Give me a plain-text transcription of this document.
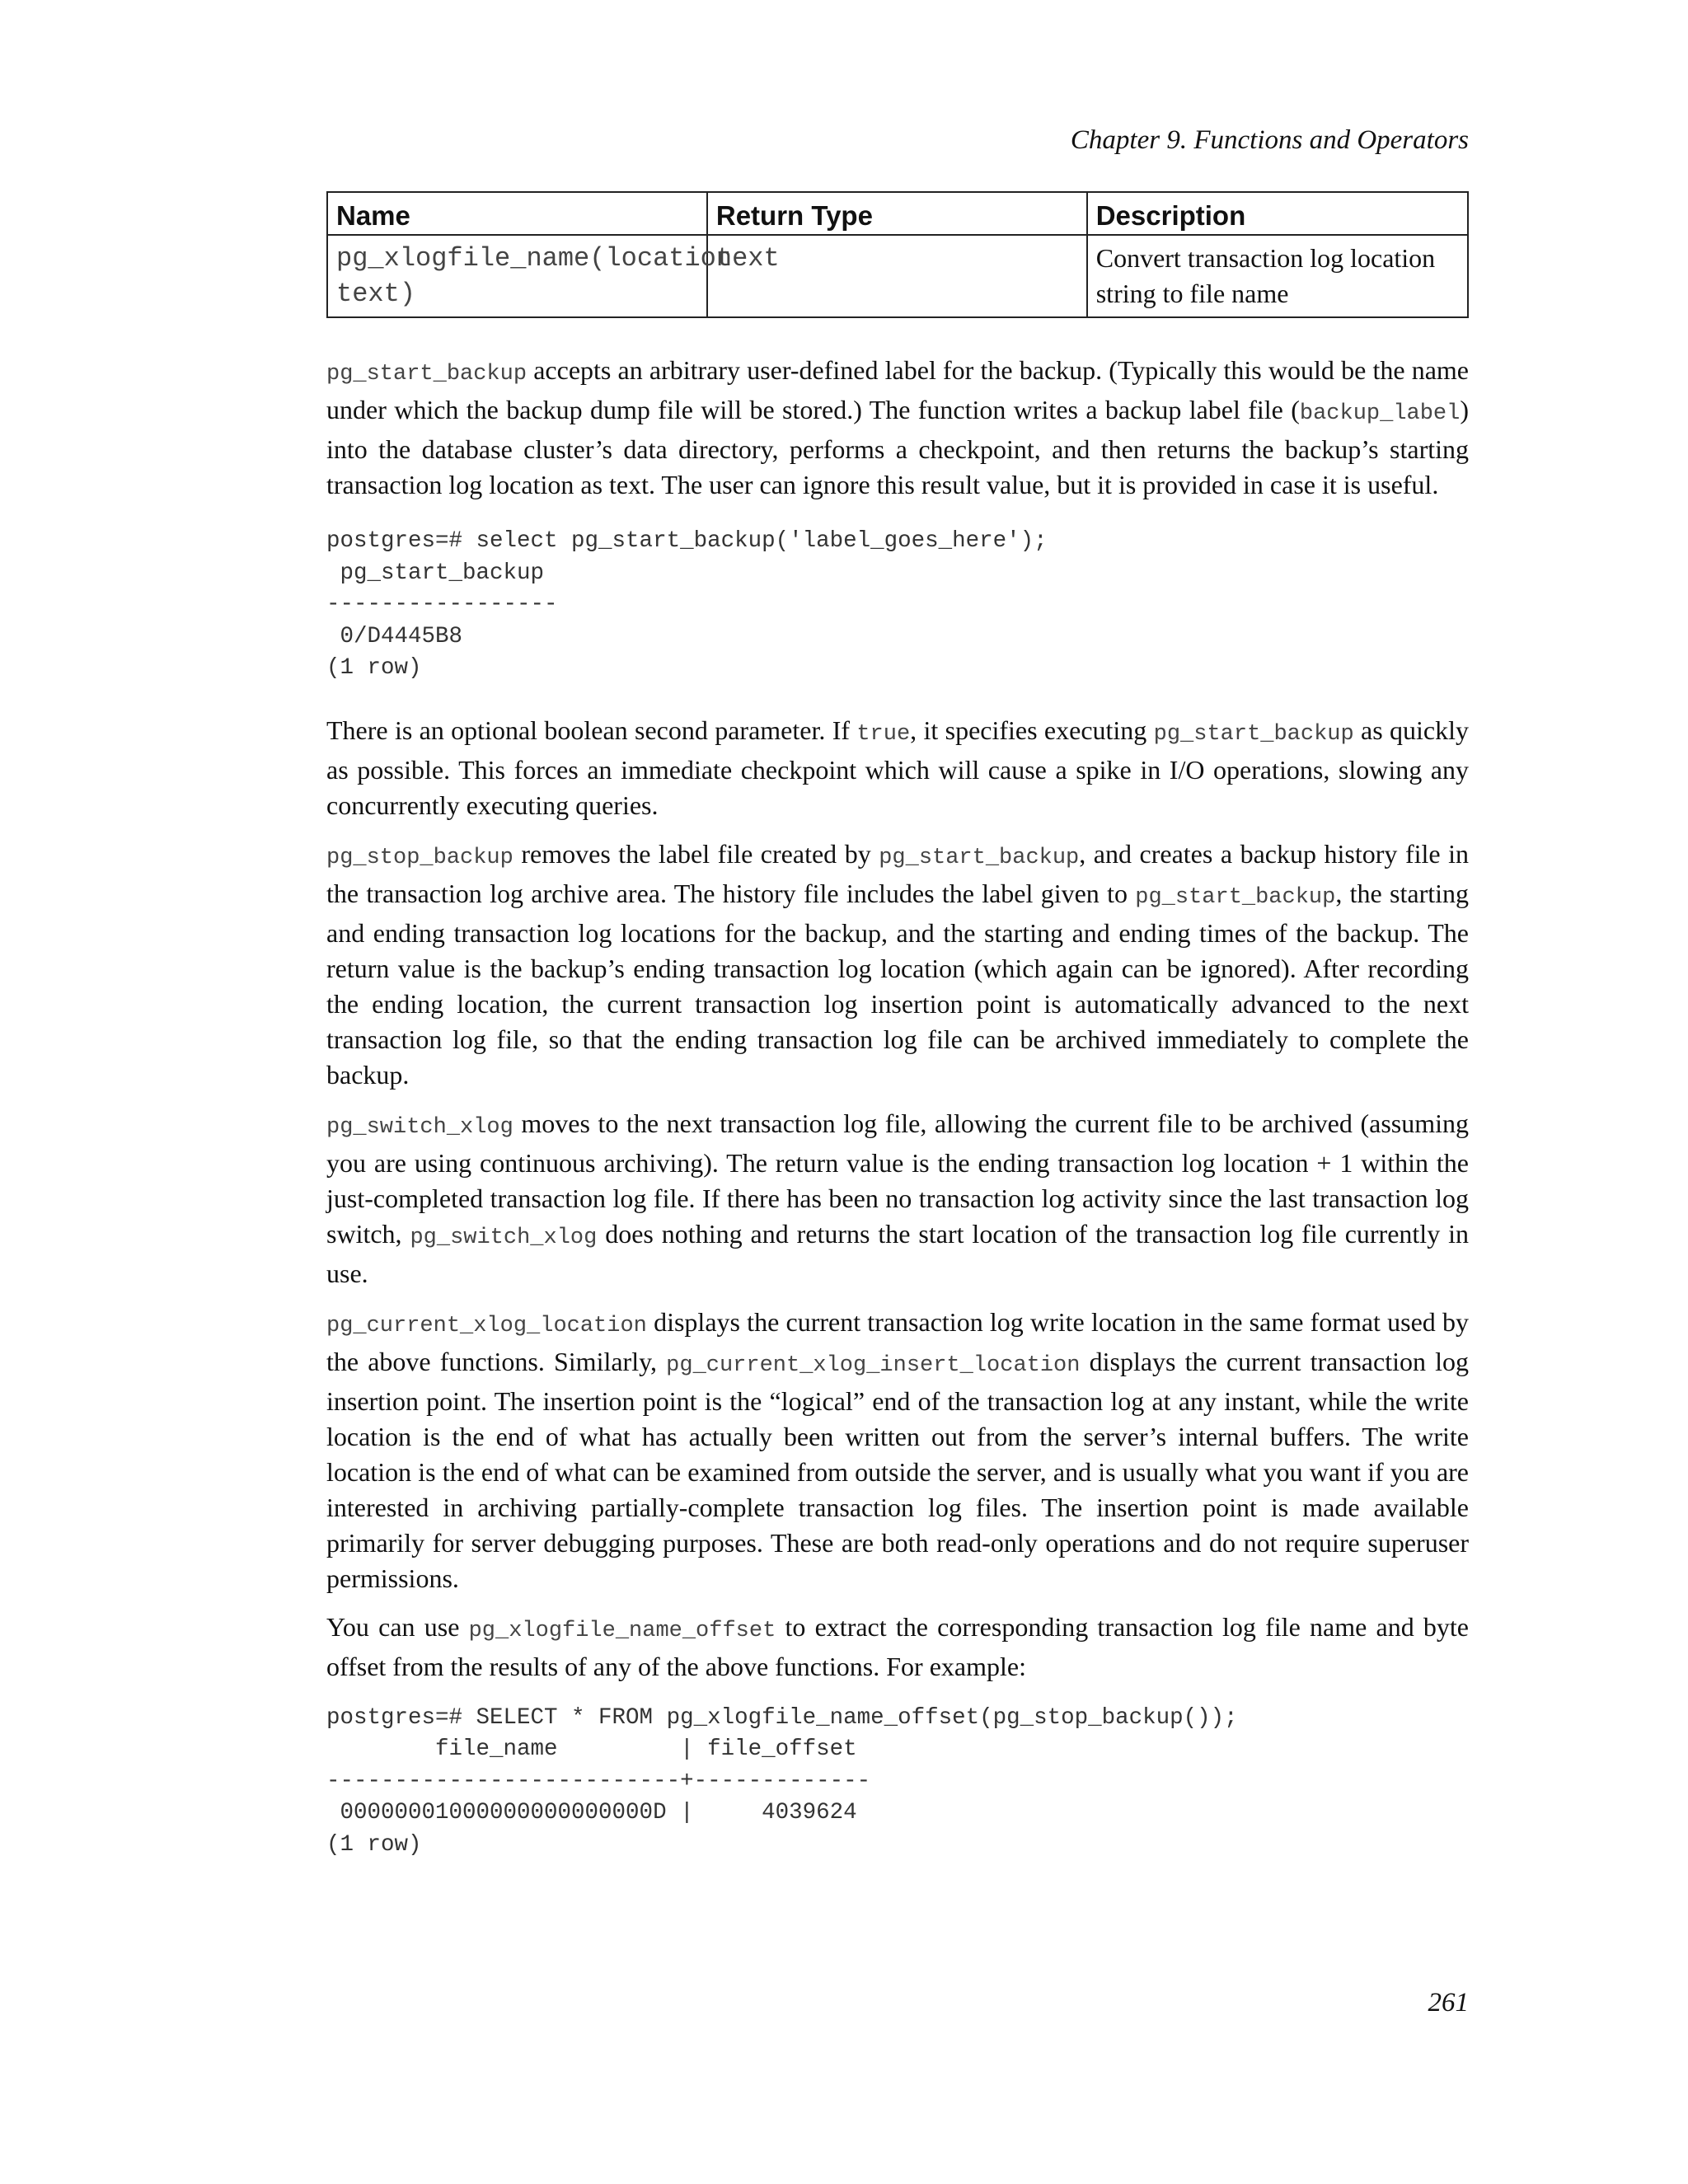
Chapter 9. Functions and Operators
Name	Return Type	Description
pg_xlogfile_name(location text)	text	Convert transaction log location string to file name

pg_start_backup accepts an arbitrary user-defined label for the backup. (Typically this would be the name under which the backup dump file will be stored.) The function writes a backup label file (backup_label) into the database cluster’s data directory, performs a checkpoint, and then returns the backup’s starting transaction log location as text. The user can ignore this result value, but it is provided in case it is useful.

postgres=# select pg_start_backup('label_goes_here');
pg_start_backup
-----------------
0/D4445B8
(1 row)

There is an optional boolean second parameter. If true, it specifies executing pg_start_backup as quickly as possible. This forces an immediate checkpoint which will cause a spike in I/O operations, slowing any concurrently executing queries.

pg_stop_backup removes the label file created by pg_start_backup, and creates a backup history file in the transaction log archive area. The history file includes the label given to pg_start_backup, the starting and ending transaction log locations for the backup, and the starting and ending times of the backup. The return value is the backup’s ending transaction log location (which again can be ignored). After recording the ending location, the current transaction log insertion point is automatically advanced to the next transaction log file, so that the ending transaction log file can be archived immediately to complete the backup.

pg_switch_xlog moves to the next transaction log file, allowing the current file to be archived (assuming you are using continuous archiving). The return value is the ending transaction log location + 1 within the just-completed transaction log file. If there has been no transaction log activity since the last transaction log switch, pg_switch_xlog does nothing and returns the start location of the transaction log file currently in use.

pg_current_xlog_location displays the current transaction log write location in the same format used by the above functions. Similarly, pg_current_xlog_insert_location displays the current transaction log insertion point. The insertion point is the “logical” end of the transaction log at any instant, while the write location is the end of what has actually been written out from the server’s internal buffers. The write location is the end of what can be examined from outside the server, and is usually what you want if you are interested in archiving partially-complete transaction log files. The insertion point is made available primarily for server debugging purposes. These are both read-only operations and do not require superuser permissions.

You can use pg_xlogfile_name_offset to extract the corresponding transaction log file name and byte offset from the results of any of the above functions. For example:

postgres=# SELECT * FROM pg_xlogfile_name_offset(pg_stop_backup());
file_name         | file_offset
--------------------------+-------------
00000001000000000000000D |     4039624
(1 row)
261
